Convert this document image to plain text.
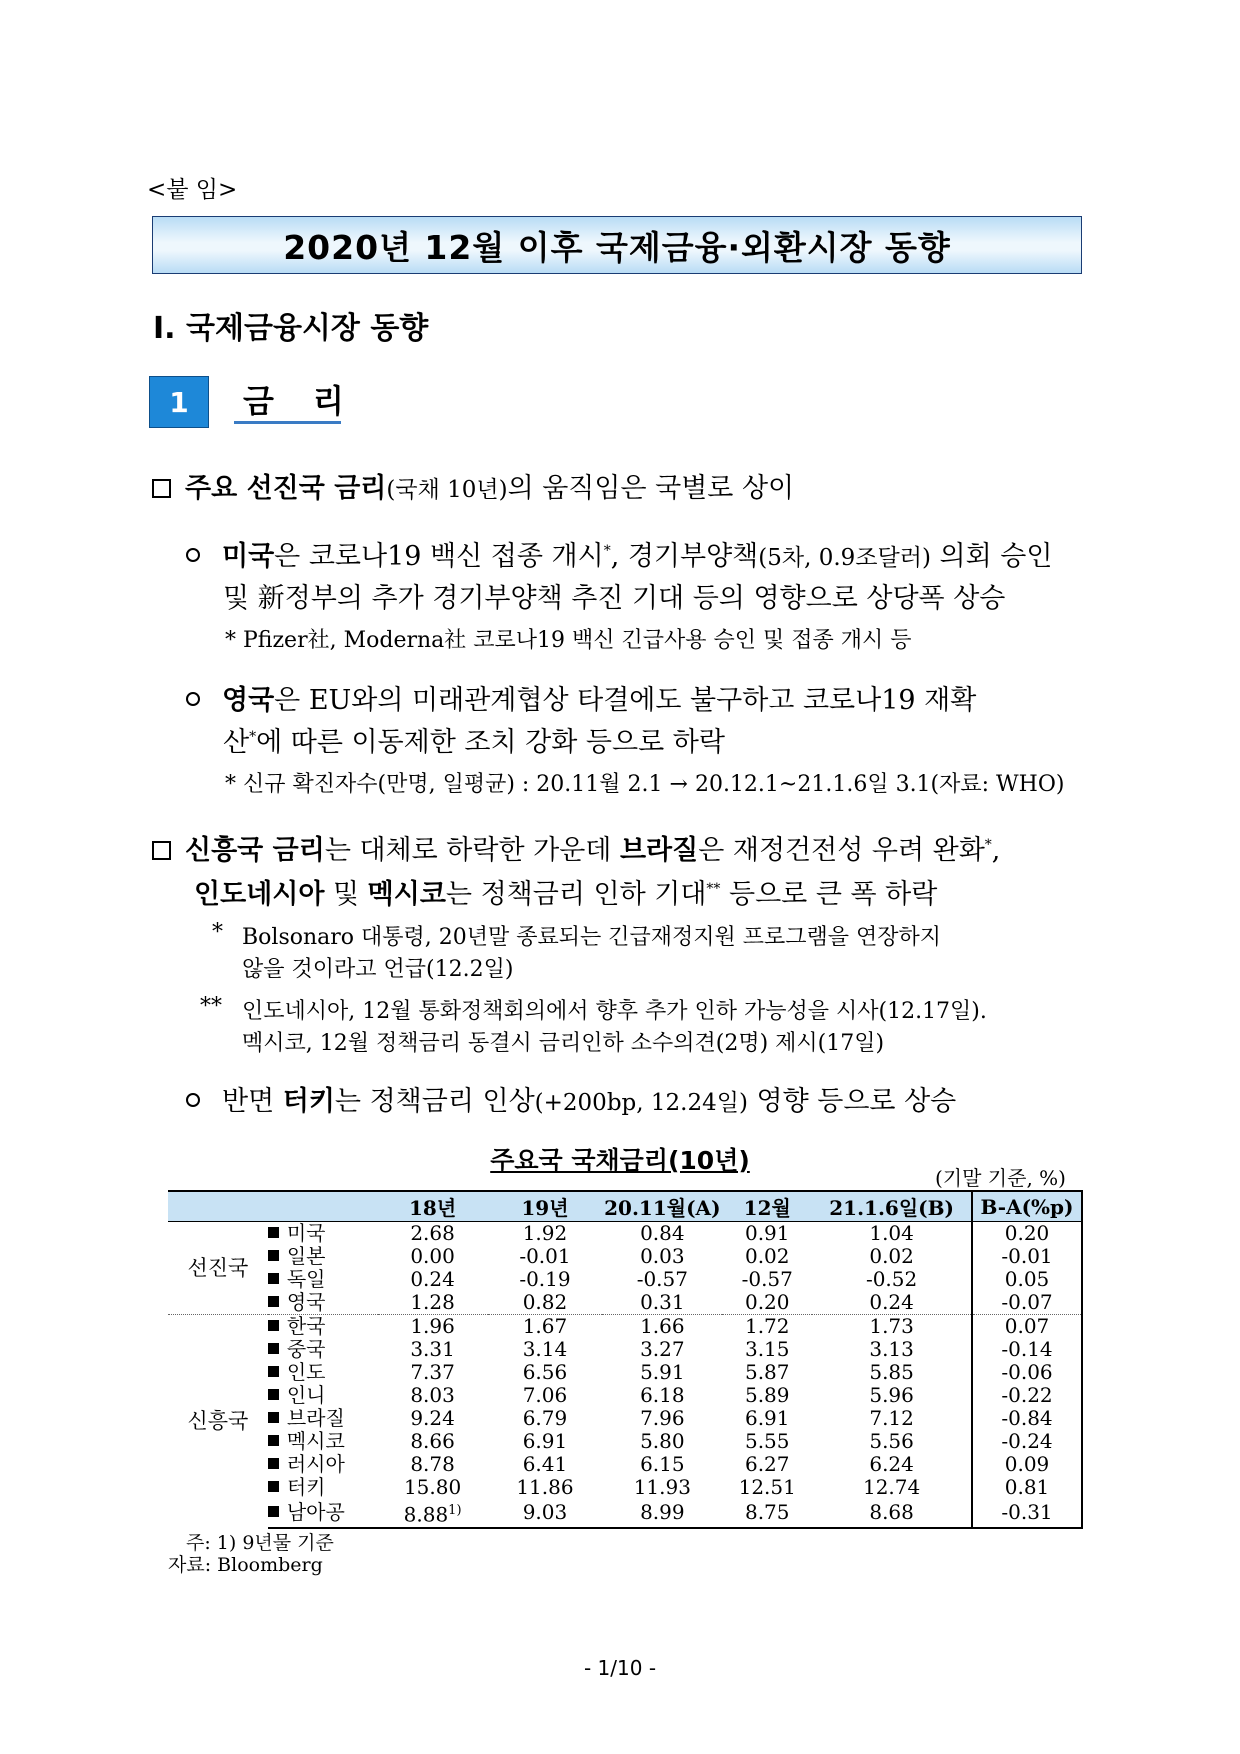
<붙 임>
2020년 12월 이후 국제금융·외환시장 동향
Ⅰ. 국제금융시장 동향
1	금 리
주요 선진국 금리(국채 10년)의 움직임은 국별로 상이
미국은 코로나19 백신 접종 개시*, 경기부양책(5차, 0.9조달러) 의회 승인
및 新정부의 추가 경기부양책 추진 기대 등의 영향으로 상당폭 상승
* Pfizer社, Moderna社 코로나19 백신 긴급사용 승인 및 접종 개시 등
영국은 EU와의 미래관계협상 타결에도 불구하고 코로나19 재확
산*에 따른 이동제한 조치 강화 등으로 하락
* 신규 확진자수(만명, 일평균) : 20.11월 2.1 → 20.12.1~21.1.6일 3.1(자료: WHO)
신흥국 금리는 대체로 하락한 가운데 브라질은 재정건전성 우려 완화*,
인도네시아 및 멕시코는 정책금리 인하 기대** 등으로 큰 폭 하락
* Bolsonaro 대통령, 20년말 종료되는 긴급재정지원 프로그램을 연장하지
않을 것이라고 언급(12.2일)
** 인도네시아, 12월 통화정책회의에서 향후 추가 인하 가능성을 시사(12.17일).
멕시코, 12월 정책금리 동결시 금리인하 소수의견(2명) 제시(17일)
반면 터키는 정책금리 인상(+200bp, 12.24일) 영향 등으로 상승
주요국 국채금리(10년)
(기말 기준, %)
		18년	19년	20.11월(A)	12월	21.1.6일(B)	B-A(%p)
선진국	미국	2.68	1.92	0.84	0.91	1.04	0.20
	일본	0.00	-0.01	0.03	0.02	0.02	-0.01
	독일	0.24	-0.19	-0.57	-0.57	-0.52	0.05
	영국	1.28	0.82	0.31	0.20	0.24	-0.07
신흥국	한국	1.96	1.67	1.66	1.72	1.73	0.07
	중국	3.31	3.14	3.27	3.15	3.13	-0.14
	인도	7.37	6.56	5.91	5.87	5.85	-0.06
	인니	8.03	7.06	6.18	5.89	5.96	-0.22
	브라질	9.24	6.79	7.96	6.91	7.12	-0.84
	멕시코	8.66	6.91	5.80	5.55	5.56	-0.24
	러시아	8.78	6.41	6.15	6.27	6.24	0.09
	터키	15.80	11.86	11.93	12.51	12.74	0.81
	남아공	8.88$^{1)}$	9.03	8.99	8.75	8.68	-0.31
주: 1) 9년물 기준
자료: Bloomberg
- 1/10 -
